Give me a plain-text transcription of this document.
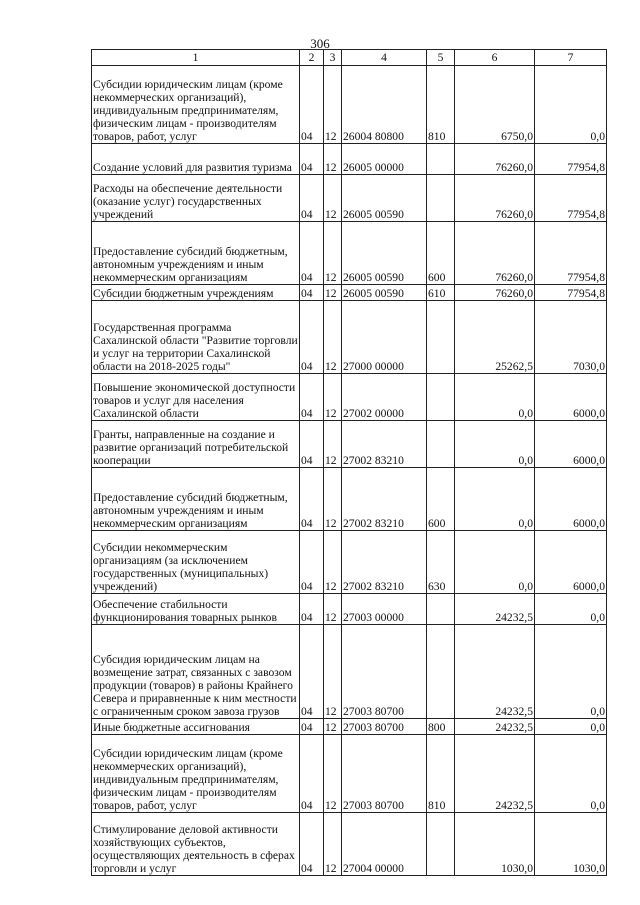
306
1	2	3	4	5	6	7
Субсидии юридическим лицам (кроме некоммерческих организаций), индивидуальным предпринимателям, физическим лицам - производителям товаров, работ, услуг	04	12	26004 80800	810	6750,0	0,0
Создание условий для развития туризма	04	12	26005 00000		76260,0	77954,8
Расходы на обеспечение деятельности (оказание услуг) государственных учреждений	04	12	26005 00590		76260,0	77954,8
Предоставление субсидий бюджетным, автономным учреждениям и иным некоммерческим организациям	04	12	26005 00590	600	76260,0	77954,8
Субсидии бюджетным учреждениям	04	12	26005 00590	610	76260,0	77954,8
Государственная программа Сахалинской области "Развитие торговли и услуг на территории Сахалинской области на 2018-2025 годы"	04	12	27000 00000		25262,5	7030,0
Повышение экономической доступности товаров и услуг для населения Сахалинской области	04	12	27002 00000		0,0	6000,0
Гранты, направленные на создание и развитие организаций потребительской кооперации	04	12	27002 83210		0,0	6000,0
Предоставление субсидий бюджетным, автономным учреждениям и иным некоммерческим организациям	04	12	27002 83210	600	0,0	6000,0
Субсидии некоммерческим организациям (за исключением государственных (муниципальных) учреждений)	04	12	27002 83210	630	0,0	6000,0
Обеспечение стабильности функционирования товарных рынков	04	12	27003 00000		24232,5	0,0
Субсидия юридическим лицам на возмещение затрат, связанных с завозом продукции (товаров) в районы Крайнего Севера и приравненные к ним местности с ограниченным сроком завоза грузов	04	12	27003 80700		24232,5	0,0
Иные бюджетные ассигнования	04	12	27003 80700	800	24232,5	0,0
Субсидии юридическим лицам (кроме некоммерческих организаций), индивидуальным предпринимателям, физическим лицам - производителям товаров, работ, услуг	04	12	27003 80700	810	24232,5	0,0
Стимулирование деловой активности хозяйствующих субъектов, осуществляющих деятельность в сферах торговли и услуг	04	12	27004 00000		1030,0	1030,0
